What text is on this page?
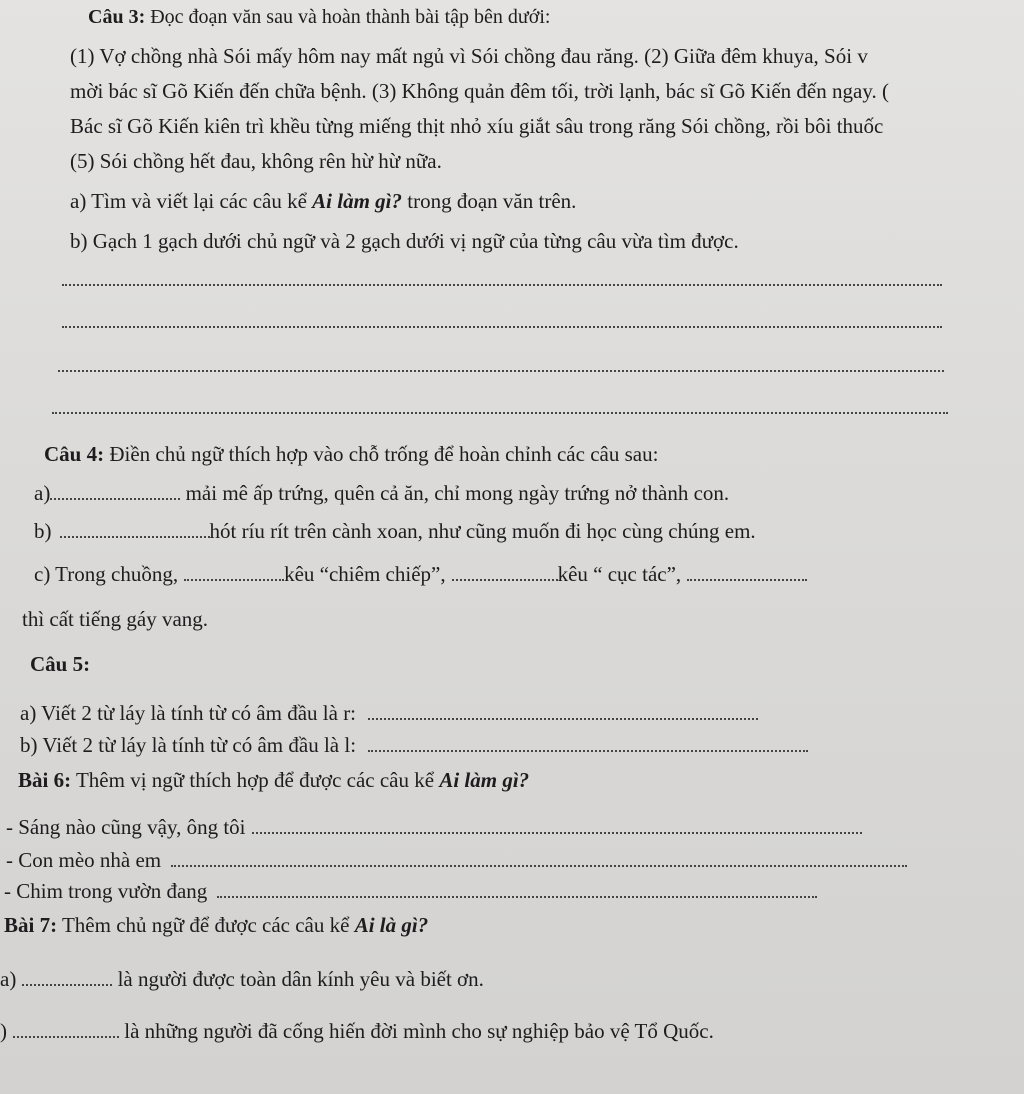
Câu 3: Đọc đoạn văn sau và hoàn thành bài tập bên dưới:
(1) Vợ chồng nhà Sói mấy hôm nay mất ngủ vì Sói chồng đau răng. (2) Giữa đêm khuya, Sói v
mời bác sĩ Gõ Kiến đến chữa bệnh. (3) Không quản đêm tối, trời lạnh, bác sĩ Gõ Kiến đến ngay. (
Bác sĩ Gõ Kiến kiên trì khều từng miếng thịt nhỏ xíu giắt sâu trong răng Sói chồng, rồi bôi thuốc
(5) Sói chồng hết đau, không rên hừ hừ nữa.
a) Tìm và viết lại các câu kể Ai làm gì? trong đoạn văn trên.
b) Gạch 1 gạch dưới chủ ngữ và 2 gạch dưới vị ngữ của từng câu vừa tìm được.
Câu 4: Điền chủ ngữ thích hợp vào chỗ trống để hoàn chỉnh các câu sau:
a)	mải mê ấp trứng, quên cả ăn, chỉ mong ngày trứng nở thành con.
b)	hót ríu rít trên cành xoan, như cũng muốn đi học cùng chúng em.
c) Trong chuồng,	kêu “chiêm chiếp”,	kêu “ cục tác”,
thì cất tiếng gáy vang.
Câu 5:
a) Viết 2 từ láy là tính từ có âm đầu là r:
b) Viết 2 từ láy là tính từ có âm đầu là l:
Bài 6: Thêm vị ngữ thích hợp để được các câu kể Ai làm gì?
- Sáng nào cũng vậy, ông tôi
- Con mèo nhà em
- Chim trong vườn đang
Bài 7: Thêm chủ ngữ để được các câu kể Ai là gì?
a)	là người được toàn dân kính yêu và biết ơn.
)	là những người đã cống hiến đời mình cho sự nghiệp bảo vệ Tổ Quốc.
